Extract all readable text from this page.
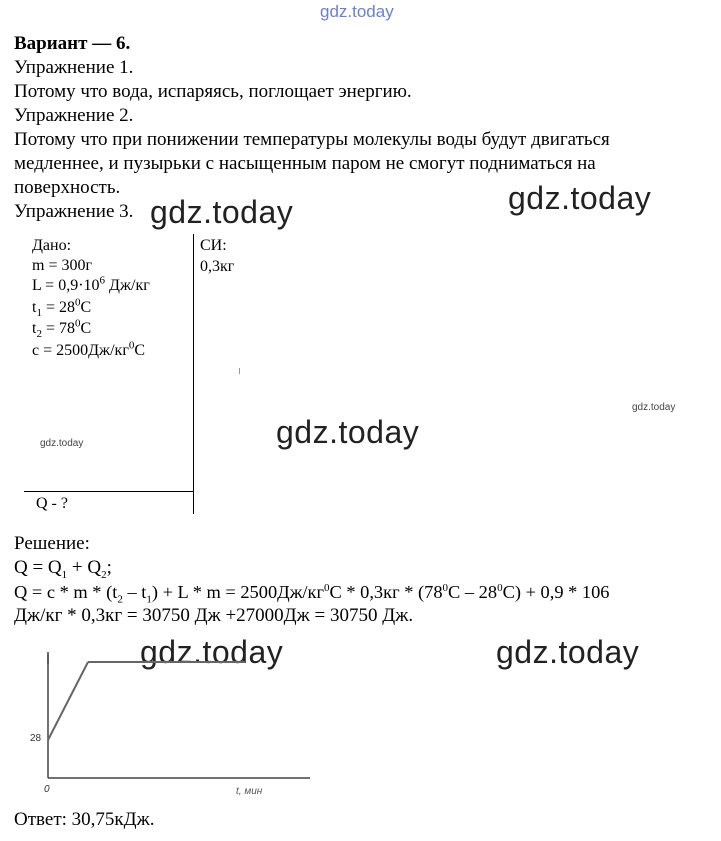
gdz.today
gdz.today	gdz.today
gdz.today
gdz.today	gdz.today
gdz.today
gdz.today
Вариант — 6.
Упражнение 1.
Потому что вода, испаряясь, поглощает энергию.
Упражнение 2.
Потому что при понижении температуры молекулы воды будут двигаться
медленнее, и пузырьки с насыщенным паром не смогут подниматься на
поверхность.
Упражнение 3.
Дано:
m = 300г
$L = 0,9\cdot 10^6$ Дж/кг
$t_1 = 28^0C$
$t_2 = 78^0C$
$c = 2500Дж/кг^0C$
СИ:
0,3кг
Q - ?
Решение:
$Q = Q_1 + Q_2$;
$Q = c * m * (t_2 - t_1) + L * m = 2500Дж/кг^0C * 0,3кг * (78^0C - 28^0C) + 0,9 * 106$
Дж/кг * 0,3кг = 30750 Дж +27000Дж = 30750 Дж.
28
0	t, мин
Ответ: 30,75кДж.
